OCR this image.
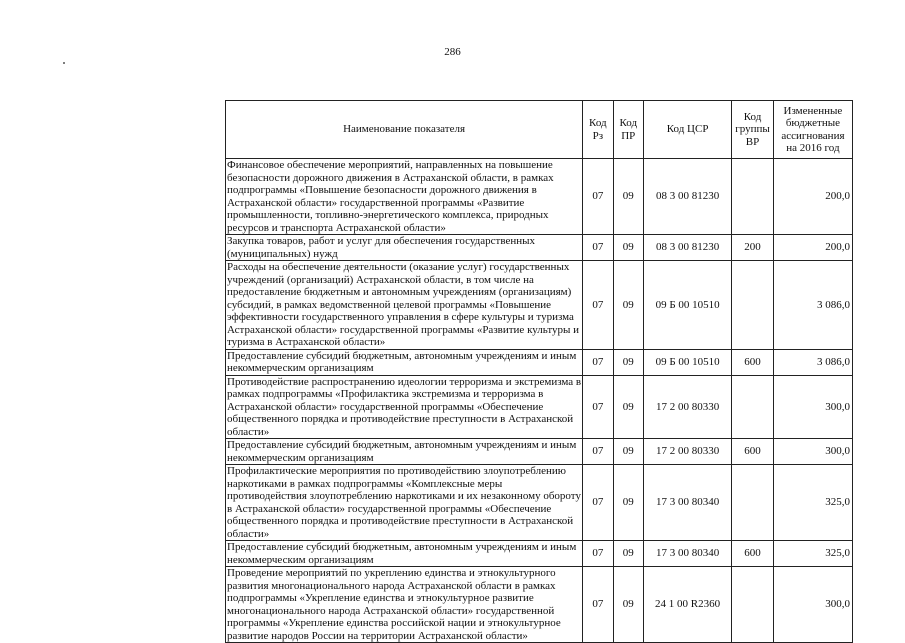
286
Наименование показателя	Код Рз	Код ПР	Код ЦСР	Код группы ВР	Измененные бюджетные ассигнования на 2016 год
Финансовое обеспечение мероприятий, направленных на повышение безопасности дорожного движения в Астраханской области, в рамках подпрограммы «Повышение безопасности дорожного движения в Астраханской области» государственной программы «Развитие промышленности, топливно-энергетического комплекса, природных ресурсов и транспорта Астраханской области»	07	09	08 3 00 81230		200,0
Закупка товаров, работ и услуг для обеспечения государственных (муниципальных) нужд	07	09	08 3 00 81230	200	200,0
Расходы на обеспечение деятельности (оказание услуг) государственных учреждений (организаций) Астраханской области, в том числе на предоставление бюджетным и автономным учреждениям (организациям) субсидий, в рамках ведомственной целевой программы «Повышение эффективности государственного управления в сфере культуры и туризма Астраханской области» государственной программы «Развитие культуры и туризма в Астраханской области»	07	09	09 Б 00 10510		3 086,0
Предоставление субсидий бюджетным, автономным учреждениям и иным некоммерческим организациям	07	09	09 Б 00 10510	600	3 086,0
Противодействие распространению идеологии терроризма и экстремизма в рамках подпрограммы «Профилактика экстремизма и терроризма в Астраханской области» государственной программы «Обеспечение общественного порядка и противодействие преступности в Астраханской области»	07	09	17 2 00 80330		300,0
Предоставление субсидий бюджетным, автономным учреждениям и иным некоммерческим организациям	07	09	17 2 00 80330	600	300,0
Профилактические мероприятия по противодействию злоупотреблению наркотиками в рамках подпрограммы «Комплексные меры противодействия злоупотреблению наркотиками и их незаконному обороту в Астраханской области» государственной программы «Обеспечение общественного порядка и противодействие преступности в Астраханской области»	07	09	17 3 00 80340		325,0
Предоставление субсидий бюджетным, автономным учреждениям и иным некоммерческим организациям	07	09	17 3 00 80340	600	325,0
Проведение мероприятий по укреплению единства и этнокультурного развития многонационального народа Астраханской области в рамках подпрограммы «Укрепление единства и этнокультурное развитие многонационального народа Астраханской области» государственной программы «Укрепление единства российской нации и этнокультурное развитие народов России на территории Астраханской области»	07	09	24 1 00 R2360		300,0
